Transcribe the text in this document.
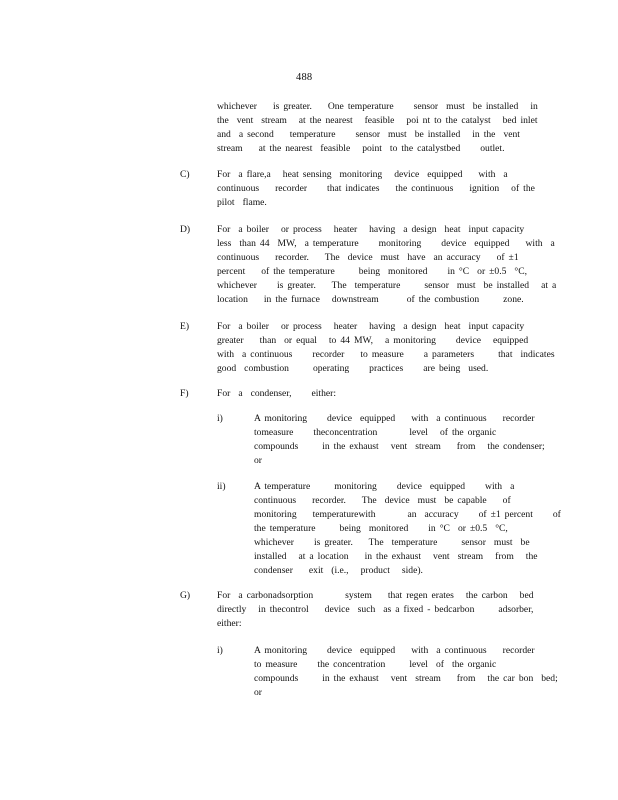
488
whichever    is greater.    One temperature     sensor  must  be installed   in
the  vent  stream   at the nearest   feasible   poi nt to the catalyst   bed inlet
and  a second    temperature     sensor  must  be installed   in the  vent
stream    at the nearest  feasible   point  to the catalystbed     outlet.
C)	For  a flare,a   heat sensing  monitoring   device  equipped    with  a
continuous    recorder     that indicates    the continuous    ignition   of the
pilot  flame.
D)	For  a boiler   or process   heater   having  a design  heat  input capacity
less  than 44  MW,  a temperature     monitoring     device  equipped    with  a
continuous    recorder.    The  device  must  have  an accuracy    of ±1
percent    of the temperature      being  monitored     in °C  or ±0.5  °C,
whichever     is greater.    The  temperature      sensor  must  be installed   at a
location    in the furnace   downstream       of the combustion      zone.
E)	For  a boiler   or process   heater   having  a design  heat  input capacity
greater    than  or equal   to 44 MW,   a monitoring     device   equipped
with  a continuous     recorder    to measure     a parameters      that  indicates
good  combustion      operating     practices     are being  used.
F)	For  a  condenser,     either:
i)	A monitoring     device  equipped    with  a continuous    recorder
tomeasure     theconcentration        level   of the organic
compounds      in the exhaust   vent  stream    from   the condenser;
or
ii)	A temperature      monitoring     device  equipped     with  a
continuous    recorder.    The  device  must  be capable    of
monitoring    temperaturewith        an  accuracy     of ±1 percent     of
the temperature      being  monitored     in °C  or ±0.5  °C,
whichever     is greater.    The  temperature      sensor  must  be
installed   at a location    in the exhaust   vent  stream   from   the
condenser    exit  (i.e.,   product   side).
G)	For  a carbonadsorption        system    that regen erates   the carbon   bed
directly   in thecontrol    device  such  as a fixed - bedcarbon      adsorber,
either:
i)	A monitoring     device  equipped    with  a continuous    recorder
to measure     the concentration      level  of  the organic
compounds      in the exhaust   vent  stream    from   the car bon  bed;
or
